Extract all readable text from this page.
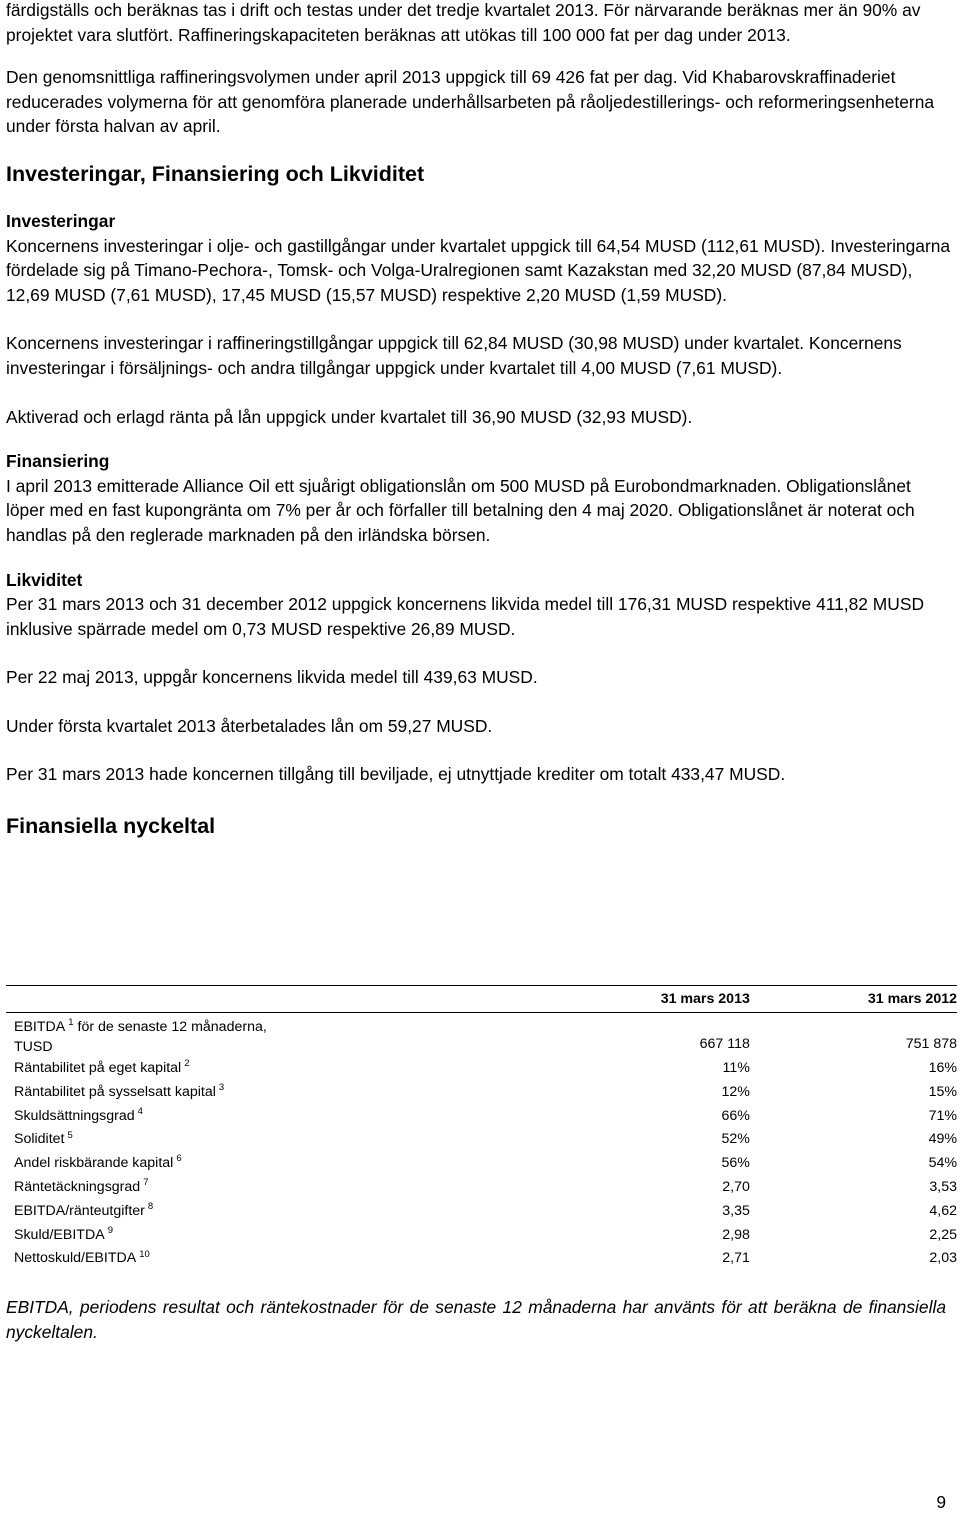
färdigställs och beräknas tas i drift och testas under det tredje kvartalet 2013. För närvarande beräknas mer än 90% av projektet vara slutfört. Raffineringskapaciteten beräknas att utökas till 100 000 fat per dag under 2013.

Den genomsnittliga raffineringsvolymen under april 2013 uppgick till 69 426 fat per dag. Vid Khabarovskraffinaderiet reducerades volymerna för att genomföra planerade underhållsarbeten på råoljedestillerings- och reformeringsenheterna under första halvan av april.

Investeringar, Finansiering och Likviditet
Investeringar

Koncernens investeringar i olje- och gastillgångar under kvartalet uppgick till 64,54 MUSD (112,61 MUSD). Investeringarna fördelade sig på Timano-Pechora-, Tomsk- och Volga-Uralregionen samt Kazakstan med 32,20 MUSD (87,84 MUSD), 12,69 MUSD (7,61 MUSD), 17,45 MUSD (15,57 MUSD) respektive 2,20 MUSD (1,59 MUSD).

Koncernens investeringar i raffineringstillgångar uppgick till 62,84 MUSD (30,98 MUSD) under kvartalet. Koncernens investeringar i försäljnings- och andra tillgångar uppgick under kvartalet till 4,00 MUSD (7,61 MUSD).

Aktiverad och erlagd ränta på lån uppgick under kvartalet till 36,90 MUSD (32,93 MUSD).

Finansiering

I april 2013 emitterade Alliance Oil ett sjuårigt obligationslån om 500 MUSD på Eurobondmarknaden. Obligationslånet löper med en fast kupongränta om 7% per år och förfaller till betalning den 4 maj 2020. Obligationslånet är noterat och handlas på den reglerade marknaden på den irländska börsen.

Likviditet

Per 31 mars 2013 och 31 december 2012 uppgick koncernens likvida medel till 176,31 MUSD respektive 411,82 MUSD inklusive spärrade medel om 0,73 MUSD respektive 26,89 MUSD.

Per 22 maj 2013, uppgår koncernens likvida medel till 439,63 MUSD.

Under första kvartalet 2013 återbetalades lån om 59,27 MUSD.

Per 31 mars 2013 hade koncernen tillgång till beviljade, ej utnyttjade krediter om totalt 433,47 MUSD.

Finansiella nyckeltal
	31 mars 2013	31 mars 2012
EBITDA $^1$ för de senaste 12 månaderna,
TUSD	667 118	751 878
Räntabilitet på eget kapital $^2$	11%	16%
Räntabilitet på sysselsatt kapital $^3$	12%	15%
Skuldsättningsgrad $^4$	66%	71%
Soliditet $^5$	52%	49%
Andel riskbärande kapital $^6$	56%	54%
Räntetäckningsgrad $^7$	2,70	3,53
EBITDA/ränteutgifter $^8$	3,35	4,62
Skuld/EBITDA $^9$	2,98	2,25
Nettoskuld/EBITDA $^{10}$	2,71	2,03

EBITDA, periodens resultat och räntekostnader för de senaste 12 månaderna har använts för att beräkna de finansiella nyckeltalen.

9
